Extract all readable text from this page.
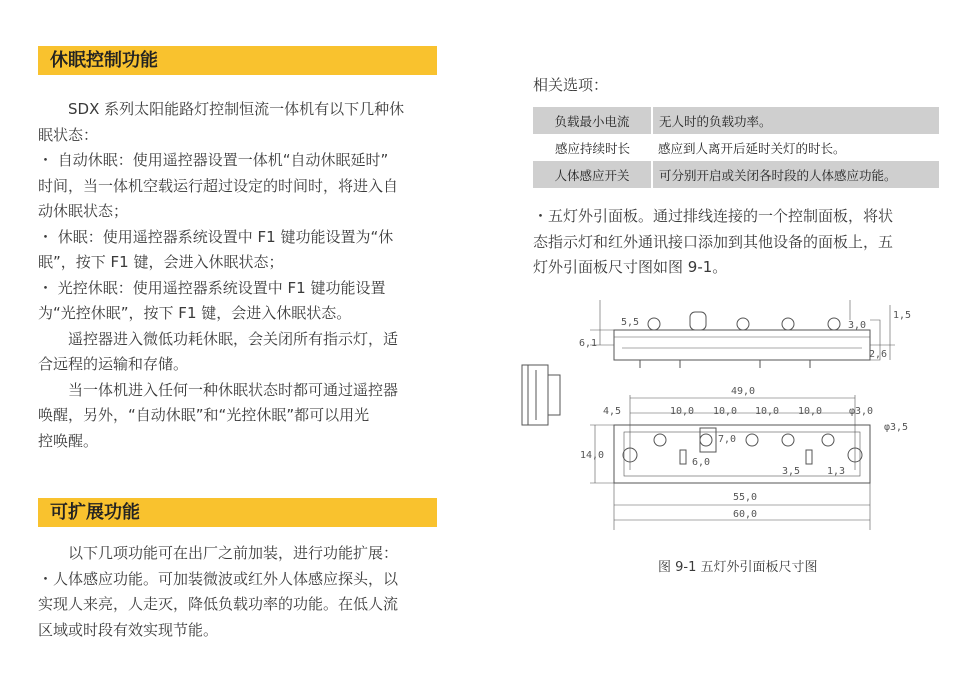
休眠控制功能
SDX 系列太阳能路灯控制恒流一体机有以下几种休
眠状态：
・ 自动休眠：使用遥控器设置一体机“自动休眠延时”
时间，当一体机空载运行超过设定的时间时，将进入自
动休眠状态；
・ 休眠：使用遥控器系统设置中 F1 键功能设置为“休
眠”，按下 F1 键，会进入休眠状态；
・ 光控休眠：使用遥控器系统设置中 F1 键功能设置
为“光控休眠”，按下 F1 键，会进入休眠状态。
遥控器进入微低功耗休眠，会关闭所有指示灯，适
合远程的运输和存储。
当一体机进入任何一种休眠状态时都可通过遥控器
唤醒，另外，“自动休眠”和“光控休眠”都可以用光
控唤醒。
可扩展功能
以下几项功能可在出厂之前加装，进行功能扩展：
・人体感应功能。可加装微波或红外人体感应探头，以
实现人来亮，人走灭，降低负载功率的功能。在低人流
区域或时段有效实现节能。
相关选项：
负载最小电流	无人时的负载功率。
感应持续时长	感应到人离开后延时关灯的时长。
人体感应开关	可分别开启或关闭各时段的人体感应功能。
・五灯外引面板。通过排线连接的一个控制面板，将状
态指示灯和红外通讯接口添加到其他设备的面板上，五
灯外引面板尺寸图如图 9-1。
5,5
6,1
3,0
1,5
2,6
49,0
4,5	10,0 10,0 10,0 10,0	φ3,0
φ3,5
14,0
7,0
6,0
3,5	1,3
55,0
60,0
图 9-1 五灯外引面板尺寸图
